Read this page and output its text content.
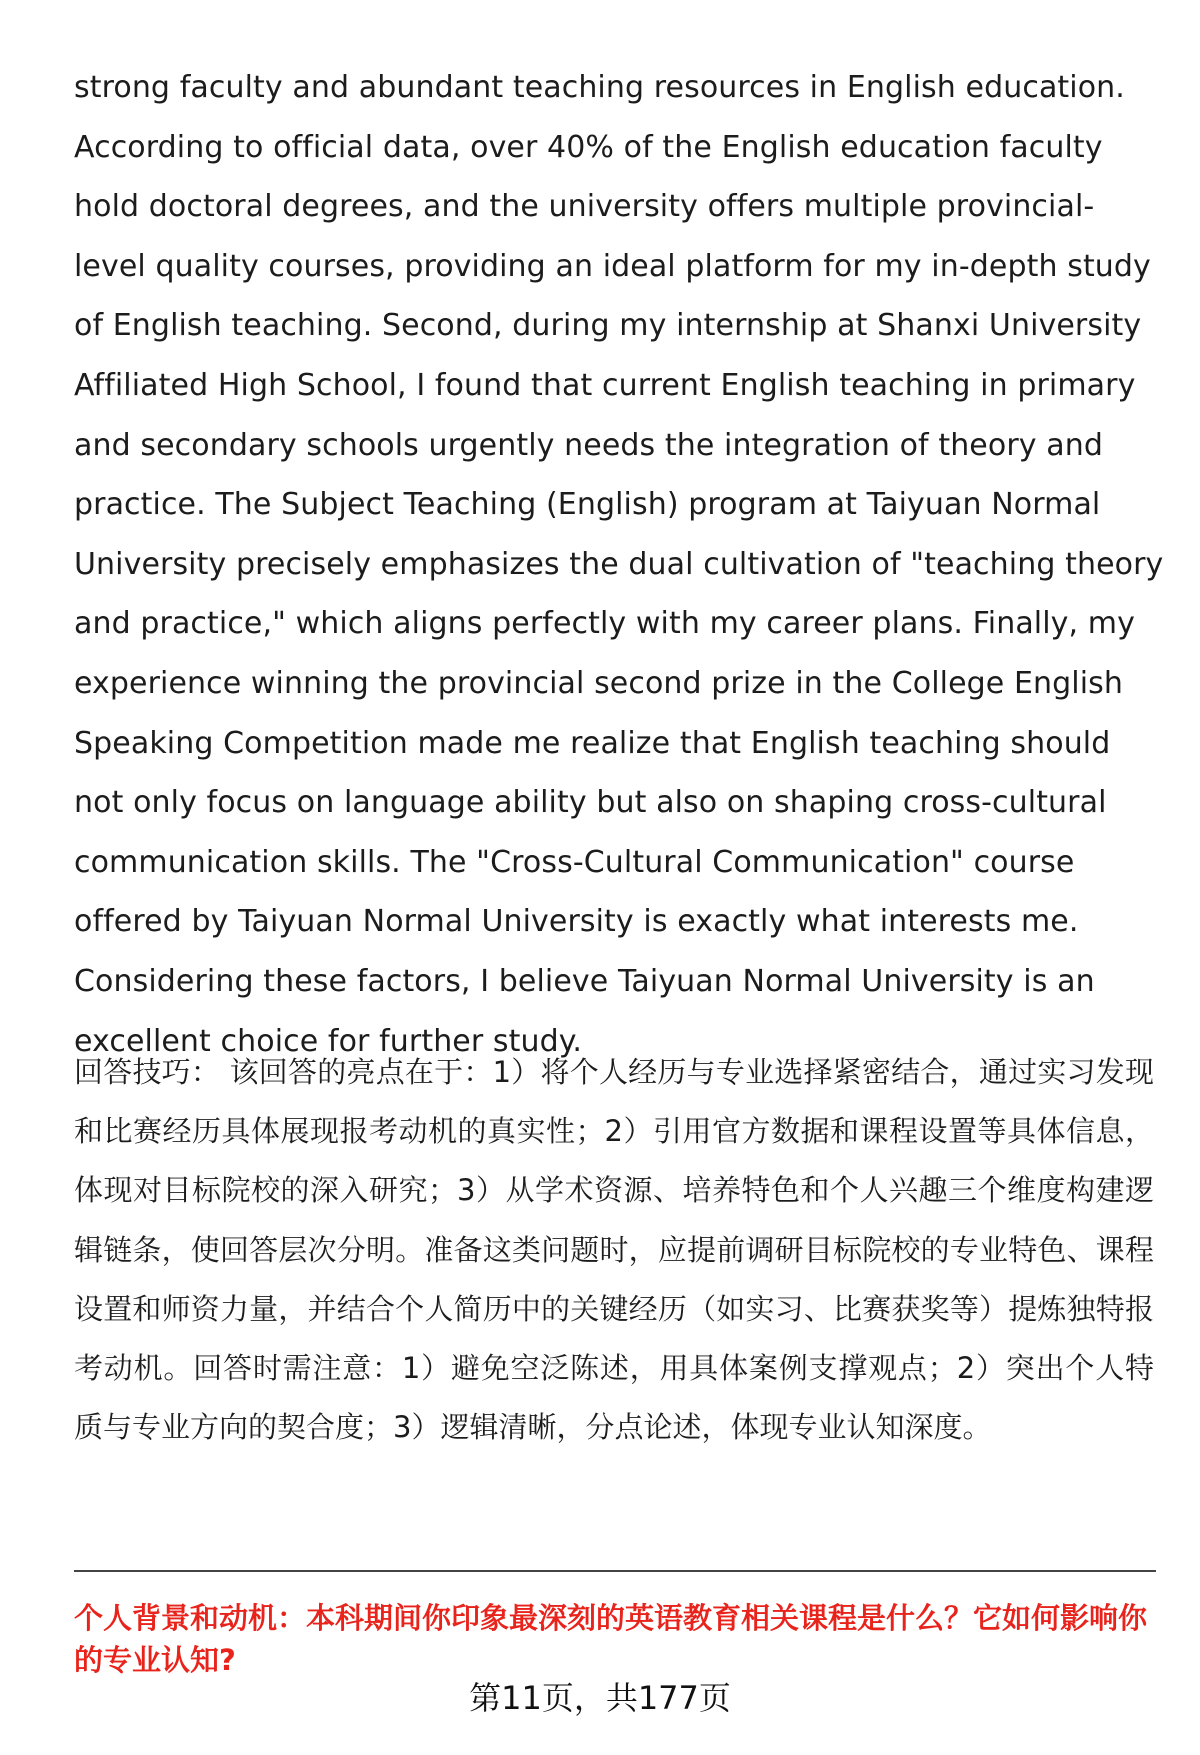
strong faculty and abundant teaching resources in English education. According to official data, over 40% of the English education faculty hold doctoral degrees, and the university offers multiple provincial-level quality courses, providing an ideal platform for my in-depth study of English teaching. Second, during my internship at Shanxi University Affiliated High School, I found that current English teaching in primary and secondary schools urgently needs the integration of theory and practice. The Subject Teaching (English) program at Taiyuan Normal University precisely emphasizes the dual cultivation of "teaching theory and practice," which aligns perfectly with my career plans. Finally, my experience winning the provincial second prize in the College English Speaking Competition made me realize that English teaching should not only focus on language ability but also on shaping cross-cultural communication skills. The "Cross-Cultural Communication" course offered by Taiyuan Normal University is exactly what interests me. Considering these factors, I believe Taiyuan Normal University is an excellent choice for further study.

回答技巧： 该回答的亮点在于：1）将个人经历与专业选择紧密结合，通过实习发现和比赛经历具体展现报考动机的真实性；2）引用官方数据和课程设置等具体信息，体现对目标院校的深入研究；3）从学术资源、培养特色和个人兴趣三个维度构建逻辑链条，使回答层次分明。准备这类问题时，应提前调研目标院校的专业特色、课程设置和师资力量，并结合个人简历中的关键经历（如实习、比赛获奖等）提炼独特报考动机。回答时需注意：1）避免空泛陈述，用具体案例支撑观点；2）突出个人特质与专业方向的契合度；3）逻辑清晰，分点论述，体现专业认知深度。

个人背景和动机：本科期间你印象最深刻的英语教育相关课程是什么？它如何影响你的专业认知?

第11页，共177页
